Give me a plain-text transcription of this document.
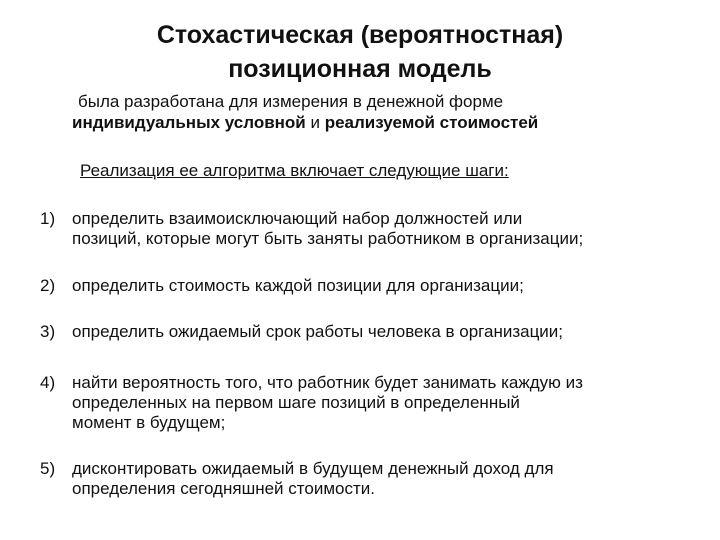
Стохастическая (вероятностная)
позиционная модель

была разработана для измерения в денежной форме
индивидуальных условной и реализуемой стоимостей

Реализация ее алгоритма включает следующие шаги:

1) определить взаимоисключающий набор должностей или
позиций, которые могут быть заняты работником в организации;
2) определить стоимость каждой позиции для организации;
3) определить ожидаемый срок работы человека в организации;
4) найти вероятность того, что работник будет занимать каждую из
определенных на первом шаге позиций в определенный
момент в будущем;
5) дисконтировать ожидаемый в будущем денежный доход для
определения сегодняшней стоимости.
